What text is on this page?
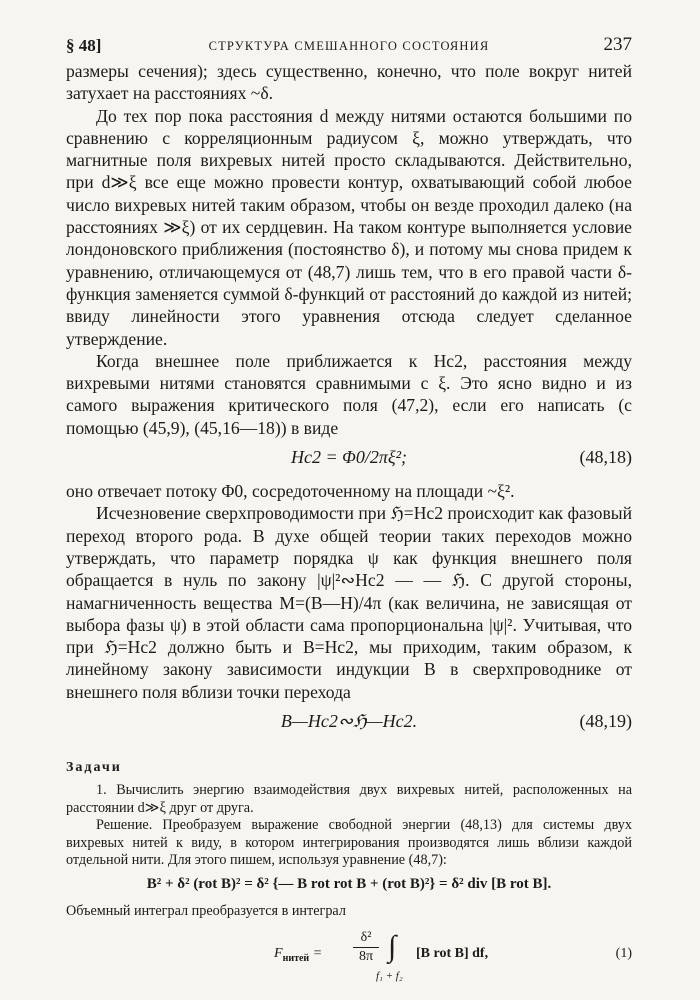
§ 48]	СТРУКТУРА СМЕШАННОГО СОСТОЯНИЯ	237

размеры сечения); здесь существенно, конечно, что поле вокруг нитей затухает на расстояниях ~δ.

До тех пор пока расстояния d между нитями остаются большими по сравнению с корреляционным радиусом ξ, можно утверждать, что магнитные поля вихревых нитей просто складываются. Действительно, при d≫ξ все еще можно провести контур, охватывающий собой любое число вихревых нитей таким образом, чтобы он везде проходил далеко (на расстояниях ≫ξ) от их сердцевин. На таком контуре выполняется условие лондоновского приближения (постоянство δ), и потому мы снова придем к уравнению, отличающемуся от (48,7) лишь тем, что в его правой части δ-функция заменяется суммой δ-функций от расстояний до каждой из нитей; ввиду линейности этого уравнения отсюда следует сделанное утверждение.

Когда внешнее поле приближается к Hc2, расстояния между вихревыми нитями становятся сравнимыми с ξ. Это ясно видно и из самого выражения критического поля (47,2), если его написать (с помощью (45,9), (45,16—18)) в виде

Hc2 = Φ0/2πξ²;	(48,18)

оно отвечает потоку Φ0, сосредоточенному на площади ~ξ².

Исчезновение сверхпроводимости при ℌ=Hc2 происходит как фазовый переход второго рода. В духе общей теории таких переходов можно утверждать, что параметр порядка ψ как функция внешнего поля обращается в нуль по закону |ψ|²∾Hc2 — — ℌ. С другой стороны, намагниченность вещества M=(B—H)/4π (как величина, не зависящая от выбора фазы ψ) в этой области сама пропорциональна |ψ|². Учитывая, что при ℌ=Hc2 должно быть и B=Hc2, мы приходим, таким образом, к линейному закону зависимости индукции B в сверхпроводнике от внешнего поля вблизи точки перехода

B—Hc2∾ℌ—Hc2.	(48,19)
Задачи

1. Вычислить энергию взаимодействия двух вихревых нитей, расположенных на расстоянии d≫ξ друг от друга.

Решение. Преобразуем выражение свободной энергии (48,13) для системы двух вихревых нитей к виду, в котором интегрирования производятся лишь вблизи каждой отдельной нити. Для этого пишем, используя уравнение (48,7):

B² + δ² (rot B)² = δ² {— B rot rot B + (rot B)²} = δ² div [B rot B].
Объемный интеграл преобразуется в интеграл
$F_{нитей} = \frac{\text{δ²}}{8\pi}$ ∫
f₁ + f₂
[B rot B] df,	(1)
